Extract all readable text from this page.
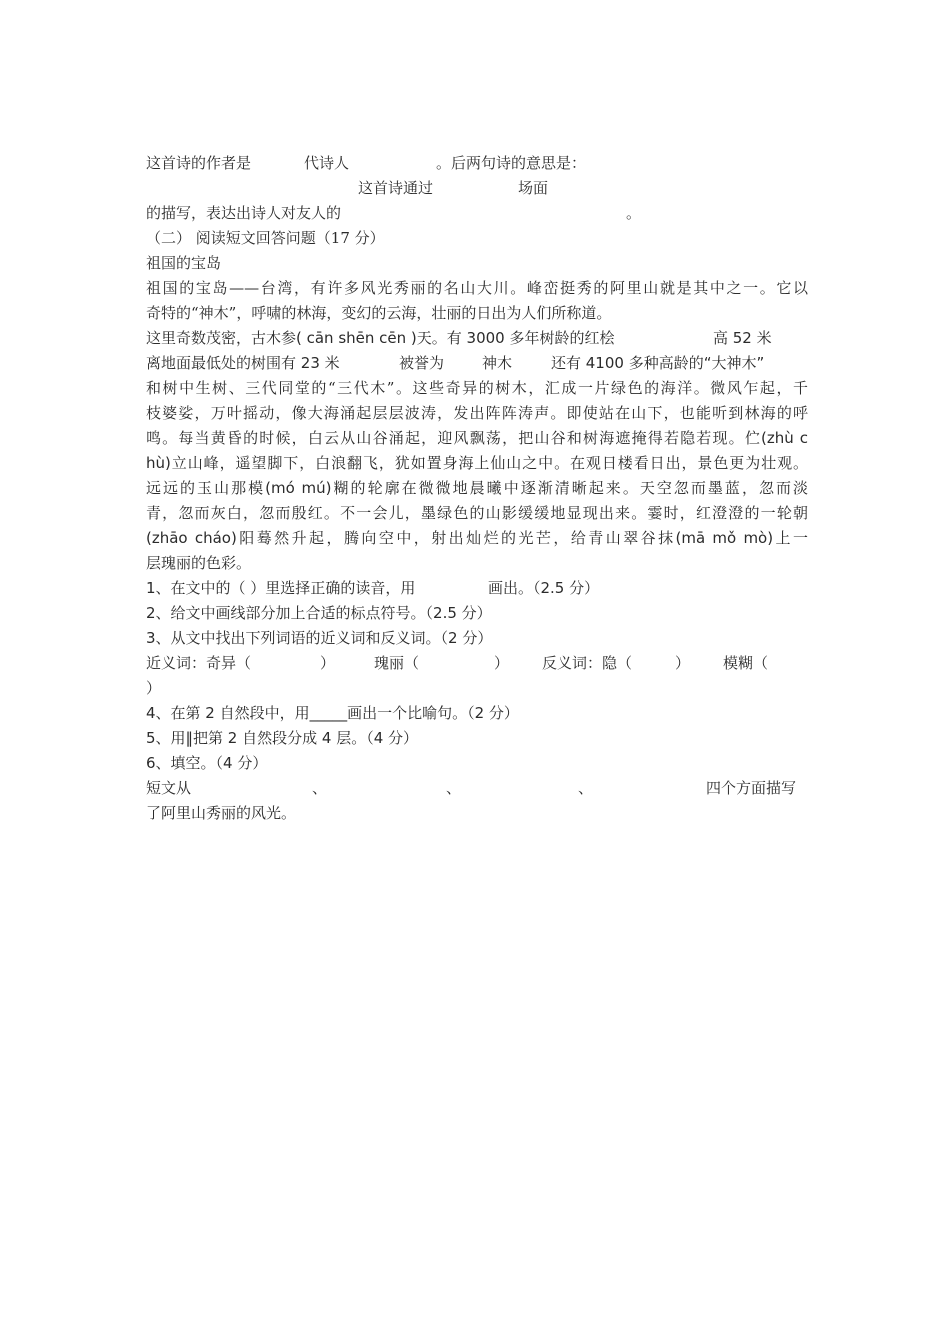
这首诗的作者是	代诗人	。后两句诗的意思是：
这首诗通过	场面
的描写，表达出诗人对友人的	。
（二） 阅读短文回答问题（17 分）
祖国的宝岛
祖国的宝岛——台湾，有许多风光秀丽的名山大川。峰峦挺秀的阿里山就是其中之一。它以
奇特的“神木”，呼啸的林海，变幻的云海，壮丽的日出为人们所称道。
这里奇数茂密，古木参( cān shēn cēn )天。有 3000 多年树龄的红桧	高 52 米
离地面最低处的树围有 23 米	被誉为	神木	还有 4100 多种高龄的“大神木”
和树中生树、三代同堂的“三代木”。这些奇异的树木，汇成一片绿色的海洋。微风乍起，千
枝婆娑，万叶摇动，像大海涌起层层波涛，发出阵阵涛声。即使站在山下，也能听到林海的呼
鸣。每当黄昏的时候，白云从山谷涌起，迎风飘荡，把山谷和树海遮掩得若隐若现。伫(zhù c
hù)立山峰，遥望脚下，白浪翻飞，犹如置身海上仙山之中。在观日楼看日出，景色更为壮观。
远远的玉山那模(mó mú)糊的轮廓在微微地晨曦中逐渐清晰起来。天空忽而墨蓝，忽而淡
青，忽而灰白，忽而殷红。不一会儿，墨绿色的山影缓缓地显现出来。霎时，红澄澄的一轮朝
(zhāo cháo)阳蓦然升起，腾向空中，射出灿烂的光芒，给青山翠谷抹(mā mǒ mò)上一
层瑰丽的色彩。
1、在文中的（ ）里选择正确的读音，用	画出。（2.5 分）
2、给文中画线部分加上合适的标点符号。（2.5 分）
3、从文中找出下列词语的近义词和反义词。（2 分）
近义词：奇异（	）	瑰丽（	） 反义词：隐（	） 模糊（
）
4、在第 2 自然段中，用_____画出一个比喻句。（2 分）
5、用‖把第 2 自然段分成 4 层。（4 分）
6、填空。（4 分）
短文从	、	、	、	四个方面描写
了阿里山秀丽的风光。
